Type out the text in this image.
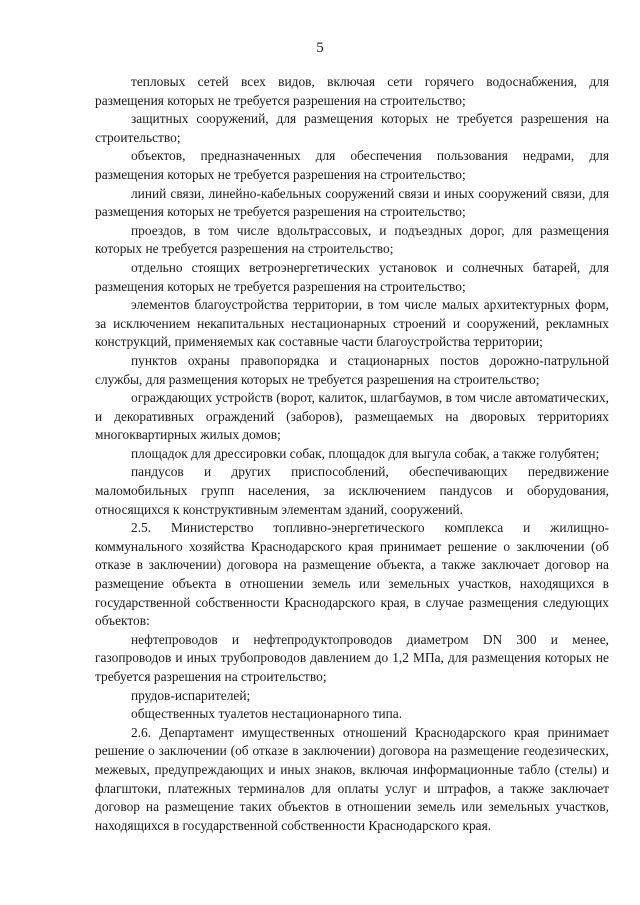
5

тепловых сетей всех видов, включая сети горячего водоснабжения, для размещения которых не требуется разрешения на строительство;

защитных сооружений, для размещения которых не требуется разрешения на строительство;

объектов, предназначенных для обеспечения пользования недрами, для размещения которых не требуется разрешения на строительство;

линий связи, линейно-кабельных сооружений связи и иных сооружений связи, для размещения которых не требуется разрешения на строительство;

проездов, в том числе вдольтрассовых, и подъездных дорог, для размещения которых не требуется разрешения на строительство;

отдельно стоящих ветроэнергетических установок и солнечных батарей, для размещения которых не требуется разрешения на строительство;

элементов благоустройства территории, в том числе малых архитектурных форм, за исключением некапитальных нестационарных строений и сооружений, рекламных конструкций, применяемых как составные части благоустройства территории;

пунктов охраны правопорядка и стационарных постов дорожно-патрульной службы, для размещения которых не требуется разрешения на строительство;

ограждающих устройств (ворот, калиток, шлагбаумов, в том числе автоматических, и декоративных ограждений (заборов), размещаемых на дворовых территориях многоквартирных жилых домов;

площадок для дрессировки собак, площадок для выгула собак, а также голубятен;

пандусов и других приспособлений, обеспечивающих передвижение маломобильных групп населения, за исключением пандусов и оборудования, относящихся к конструктивным элементам зданий, сооружений.

2.5. Министерство топливно-энергетического комплекса и жилищно-коммунального хозяйства Краснодарского края принимает решение о заключении (об отказе в заключении) договора на размещение объекта, а также заключает договор на размещение объекта в отношении земель или земельных участков, находящихся в государственной собственности Краснодарского края, в случае размещения следующих объектов:

нефтепроводов и нефтепродуктопроводов диаметром DN 300 и менее, газопроводов и иных трубопроводов давлением до 1,2 МПа, для размещения которых не требуется разрешения на строительство;

прудов-испарителей;

общественных туалетов нестационарного типа.

2.6. Департамент имущественных отношений Краснодарского края принимает решение о заключении (об отказе в заключении) договора на размещение геодезических, межевых, предупреждающих и иных знаков, включая информационные табло (стелы) и флагштоки, платежных терминалов для оплаты услуг и штрафов, а также заключает договор на размещение таких объектов в отношении земель или земельных участков, находящихся в государственной собственности Краснодарского края.
